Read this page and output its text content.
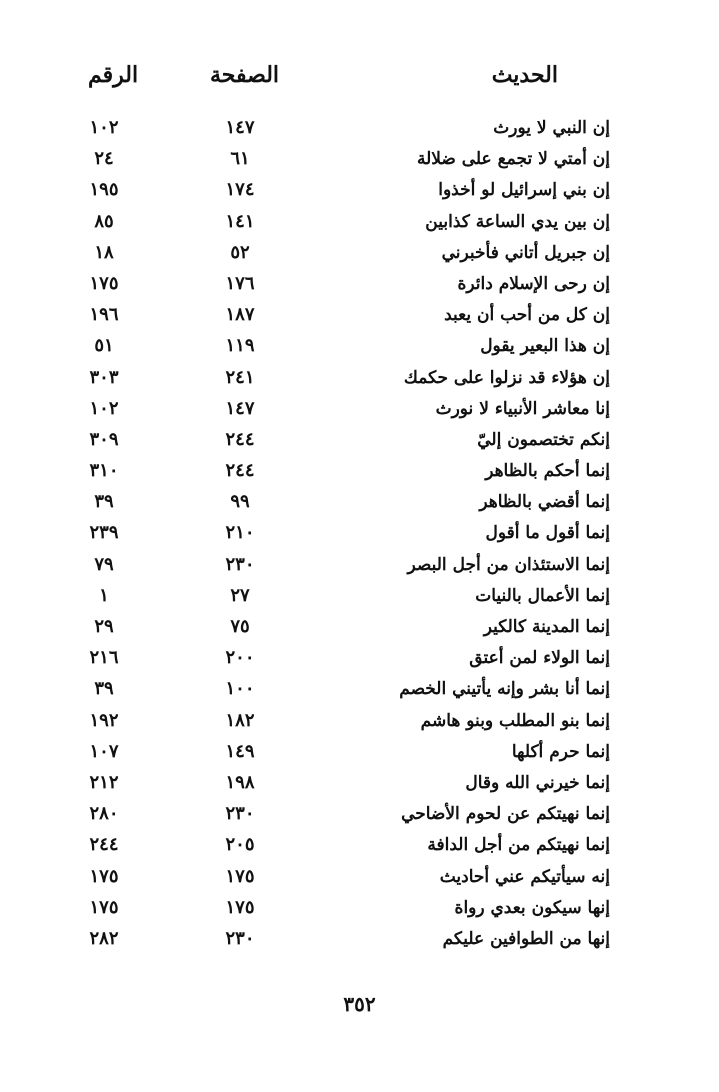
الحديث
الصفحة
الرقم
إن النبي لا يورث
١٤٧
١٠٢
إن أمتي لا تجمع على ضلالة
٦١
٢٤
إن بني إسرائيل لو أخذوا
١٧٤
١٩٥
إن بين يدي الساعة كذابين
١٤١
٨٥
إن جبريل أتاني فأخبرني
٥٢
١٨
إن رحى الإسلام دائرة
١٧٦
١٧٥
إن كل من أحب أن يعبد
١٨٧
١٩٦
إن هذا البعير يقول
١١٩
٥١
إن هؤلاء قد نزلوا على حكمك
٢٤١
٣٠٣
إنا معاشر الأنبياء لا نورث
١٤٧
١٠٢
إنكم تختصمون إليّ
٢٤٤
٣٠٩
إنما أحكم بالظاهر
٢٤٤
٣١٠
إنما أقضي بالظاهر
٩٩
٣٩
إنما أقول ما أقول
٢١٠
٢٣٩
إنما الاستئذان من أجل البصر
٢٣٠
٧٩
إنما الأعمال بالنيات
٢٧
١
إنما المدينة كالكير
٧٥
٢٩
إنما الولاء لمن أعتق
٢٠٠
٢١٦
إنما أنا بشر وإنه يأتيني الخصم
١٠٠
٣٩
إنما بنو المطلب وبنو هاشم
١٨٢
١٩٢
إنما حرم أكلها
١٤٩
١٠٧
إنما خيرني الله وقال
١٩٨
٢١٢
إنما نهيتكم عن لحوم الأضاحي
٢٣٠
٢٨٠
إنما نهيتكم من أجل الدافة
٢٠٥
٢٤٤
إنه سيأتيكم عني أحاديث
١٧٥
١٧٥
إنها سيكون بعدي رواة
١٧٥
١٧٥
إنها من الطوافين عليكم
٢٣٠
٢٨٢
٣٥٢
